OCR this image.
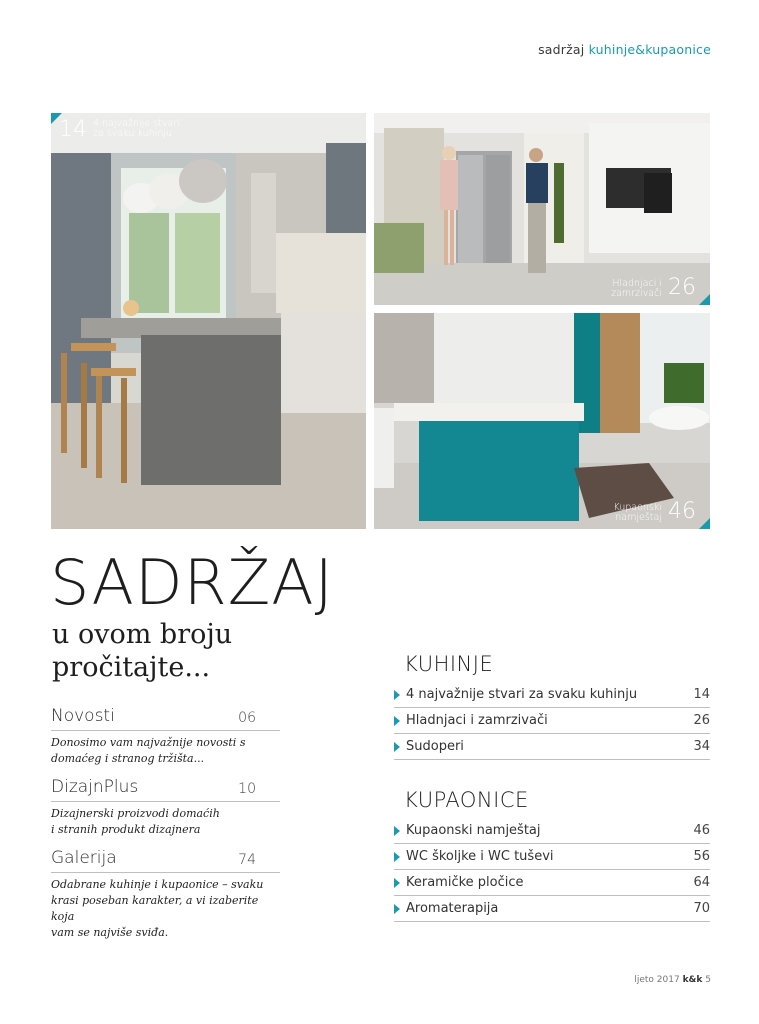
sadržaj kuhinje&kupaonice
14 4 najvažnije stvari
za svaku kuhinju
Hladnjaci i
zamrzivači 26
Kupaonski
namještaj 46
SADRŽAJ
u ovom broju
pročitajte...
Novosti	06
Donosimo vam najvažnije novosti s
domaćeg i stranog tržišta...
DizajnPlus	10
Dizajnerski proizvodi domaćih
i stranih produkt dizajnera
Galerija	74
Odabrane kuhinje i kupaonice – svaku
krasi poseban karakter, a vi izaberite koja
vam se najviše sviđa.
KUHINJE
4 najvažnije stvari za svaku kuhinju	14
Hladnjaci i zamrzivači	26
Sudoperi	34
KUPAONICE
Kupaonski namještaj	46
WC školjke i WC tuševi	56
Keramičke pločice	64
Aromaterapija	70
ljeto 2017 k&k 5
